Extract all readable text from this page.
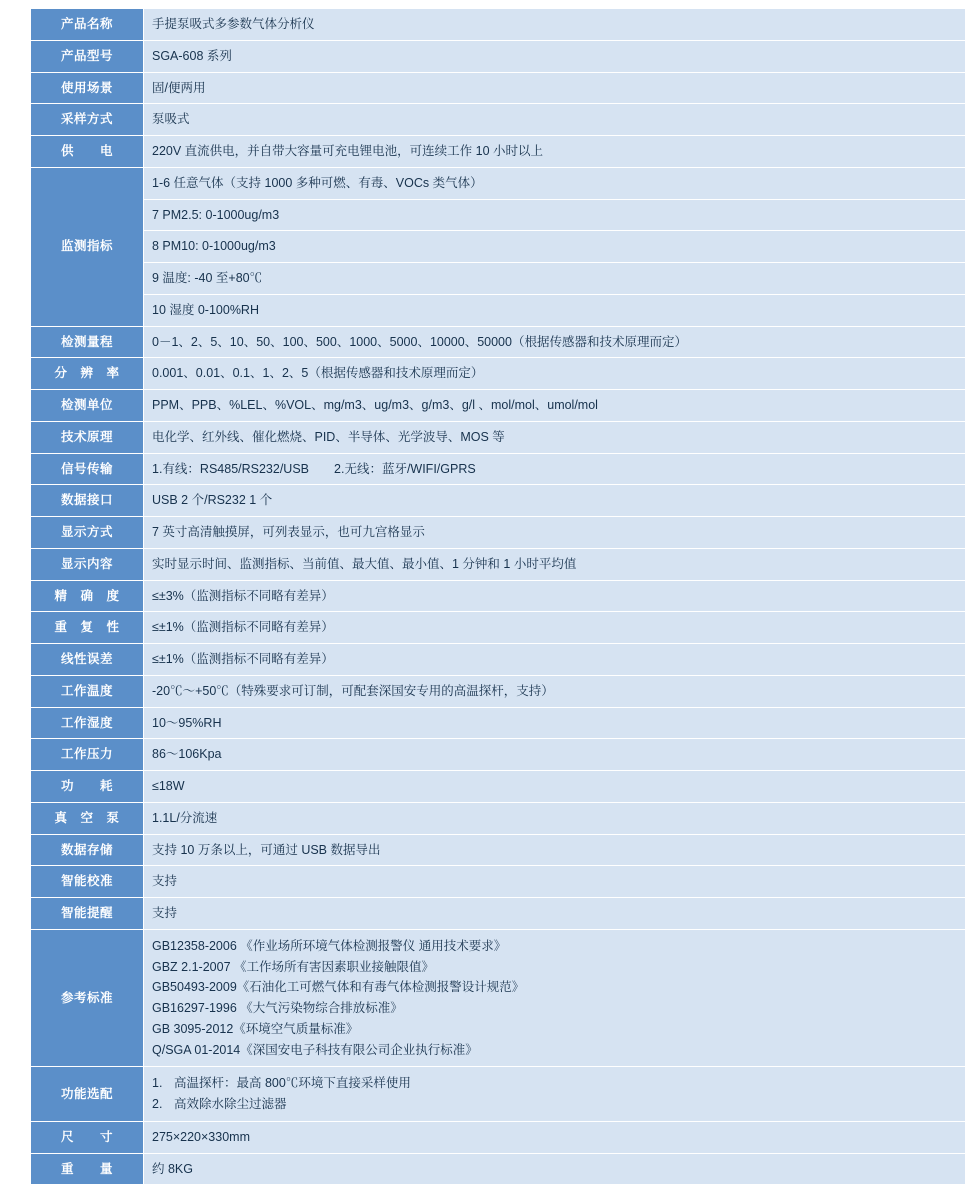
产品名称	手提泵吸式多参数气体分析仪
产品型号	SGA-608 系列
使用场景	固/便两用
采样方式	泵吸式
供　　电	220V 直流供电，并自带大容量可充电锂电池，可连续工作 10 小时以上
监测指标	1-6 任意气体（支持 1000 多种可燃、有毒、VOCs 类气体）
7 PM2.5: 0-1000ug/m3
8 PM10: 0-1000ug/m3
9 温度: -40 至+80℃
10 湿度 0-100%RH

检测量程	0－1、2、5、10、50、100、500、1000、5000、10000、50000（根据传感器和技术原理而定）
分　辨　率	0.001、0.01、0.1、1、2、5（根据传感器和技术原理而定）
检测单位	PPM、PPB、%LEL、%VOL、mg/m3、ug/m3、g/m3、g/l 、mol/mol、umol/mol
技术原理	电化学、红外线、催化燃烧、PID、半导体、光学波导、MOS 等
信号传输	1.有线：RS485/RS232/USB　　2.无线：蓝牙/WIFI/GPRS
数据接口	USB 2 个/RS232 1 个
显示方式	7 英寸高清触摸屏，可列表显示，也可九宫格显示
显示内容	实时显示时间、监测指标、当前值、最大值、最小值、1 分钟和 1 小时平均值
精　确　度	≤±3%（监测指标不同略有差异）
重　复　性	≤±1%（监测指标不同略有差异）
线性误差	≤±1%（监测指标不同略有差异）
工作温度	-20℃～+50℃（特殊要求可订制，可配套深国安专用的高温探杆，支持）
工作湿度	10～95%RH
工作压力	86～106Kpa
功　　耗	≤18W
真　空　泵	1.1L/分流速
数据存储	支持 10 万条以上，可通过 USB 数据导出
智能校准	支持
智能提醒	支持
参考标准	
GB12358-2006 《作业场所环境气体检测报警仪 通用技术要求》
GBZ 2.1-2007 《工作场所有害因素职业接触限值》
GB50493-2009《石油化工可燃气体和有毒气体检测报警设计规范》
GB16297-1996 《大气污染物综合排放标准》
GB 3095-2012《环境空气质量标准》
Q/SGA 01-2014《深国安电子科技有限公司企业执行标准》

功能选配	1. 高温探杆：最高 800℃环境下直接采样使用
2. 高效除水除尘过滤器

尺　　寸	275×220×330mm
重　　量	约 8KG
